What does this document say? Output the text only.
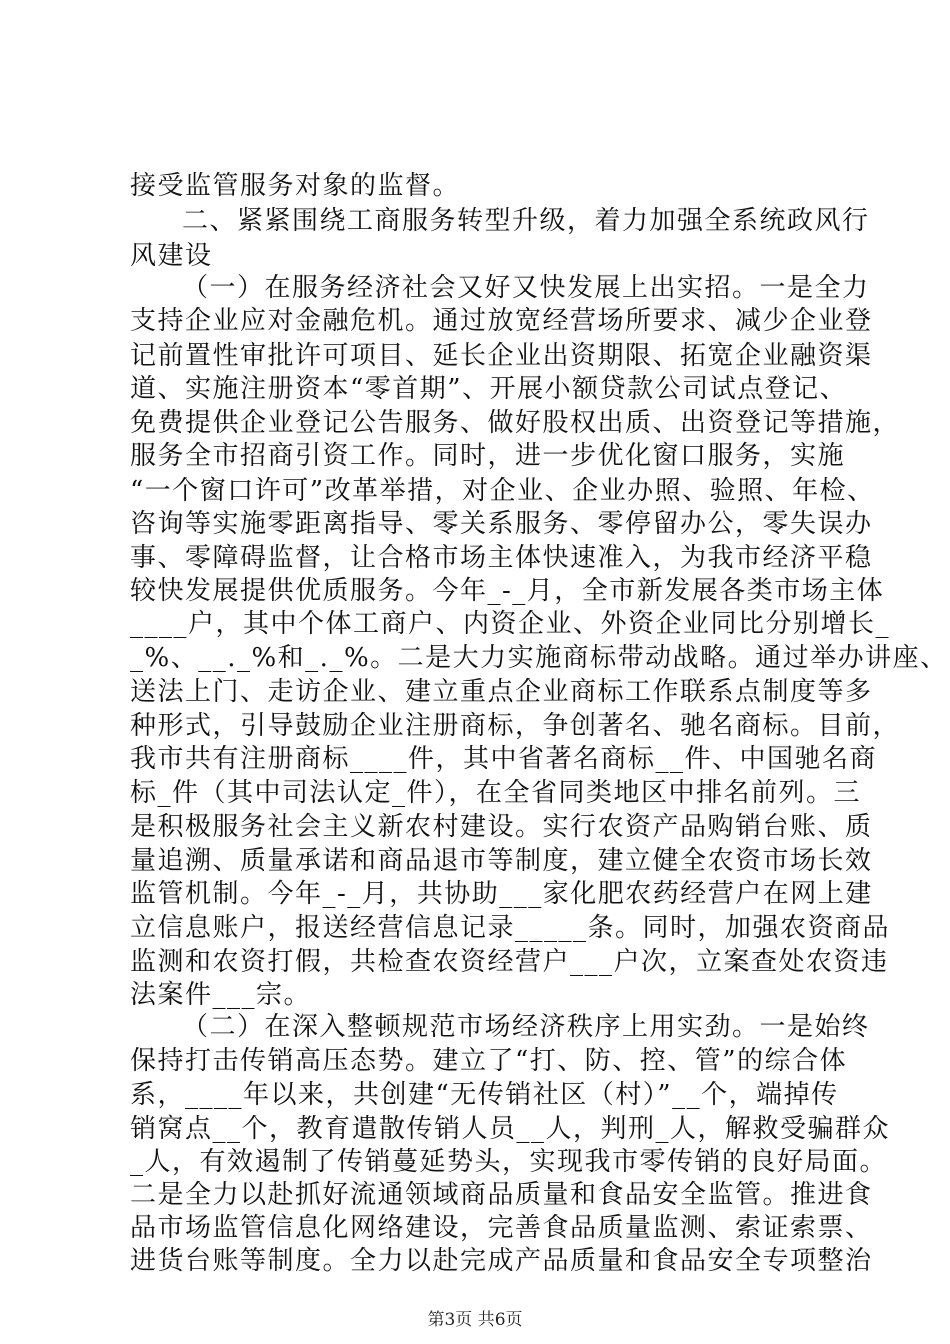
接受监管服务对象的监督。
二、紧紧围绕工商服务转型升级，着力加强全系统政风行
风建设
（一）在服务经济社会又好又快发展上出实招。一是全力
支持企业应对金融危机。通过放宽经营场所要求、减少企业登
记前置性审批许可项目、延长企业出资期限、拓宽企业融资渠
道、实施注册资本“零首期”、开展小额贷款公司试点登记、
免费提供企业登记公告服务、做好股权出质、出资登记等措施，
服务全市招商引资工作。同时，进一步优化窗口服务，实施
“一个窗口许可”改革举措，对企业、企业办照、验照、年检、
咨询等实施零距离指导、零关系服务、零停留办公，零失误办
事、零障碍监督，让合格市场主体快速准入，为我市经济平稳
较快发展提供优质服务。今年_-_月，全市新发展各类市场主体
____户，其中个体工商户、内资企业、外资企业同比分别增长_
_%、__._%和_._%。二是大力实施商标带动战略。通过举办讲座、
送法上门、走访企业、建立重点企业商标工作联系点制度等多
种形式，引导鼓励企业注册商标，争创著名、驰名商标。目前，
我市共有注册商标____件，其中省著名商标__件、中国驰名商
标_件（其中司法认定_件），在全省同类地区中排名前列。三
是积极服务社会主义新农村建设。实行农资产品购销台账、质
量追溯、质量承诺和商品退市等制度，建立健全农资市场长效
监管机制。今年_-_月，共协助___家化肥农药经营户在网上建
立信息账户，报送经营信息记录_____条。同时，加强农资商品
监测和农资打假，共检查农资经营户___户次，立案查处农资违
法案件___宗。
（二）在深入整顿规范市场经济秩序上用实劲。一是始终
保持打击传销高压态势。建立了“打、防、控、管”的综合体
系，____年以来，共创建“无传销社区（村）”__个，端掉传
销窝点__个，教育遣散传销人员__人，判刑_人，解救受骗群众
_人，有效遏制了传销蔓延势头，实现我市零传销的良好局面。
二是全力以赴抓好流通领域商品质量和食品安全监管。推进食
品市场监管信息化网络建设，完善食品质量监测、索证索票、
进货台账等制度。全力以赴完成产品质量和食品安全专项整治
第3页 共6页
